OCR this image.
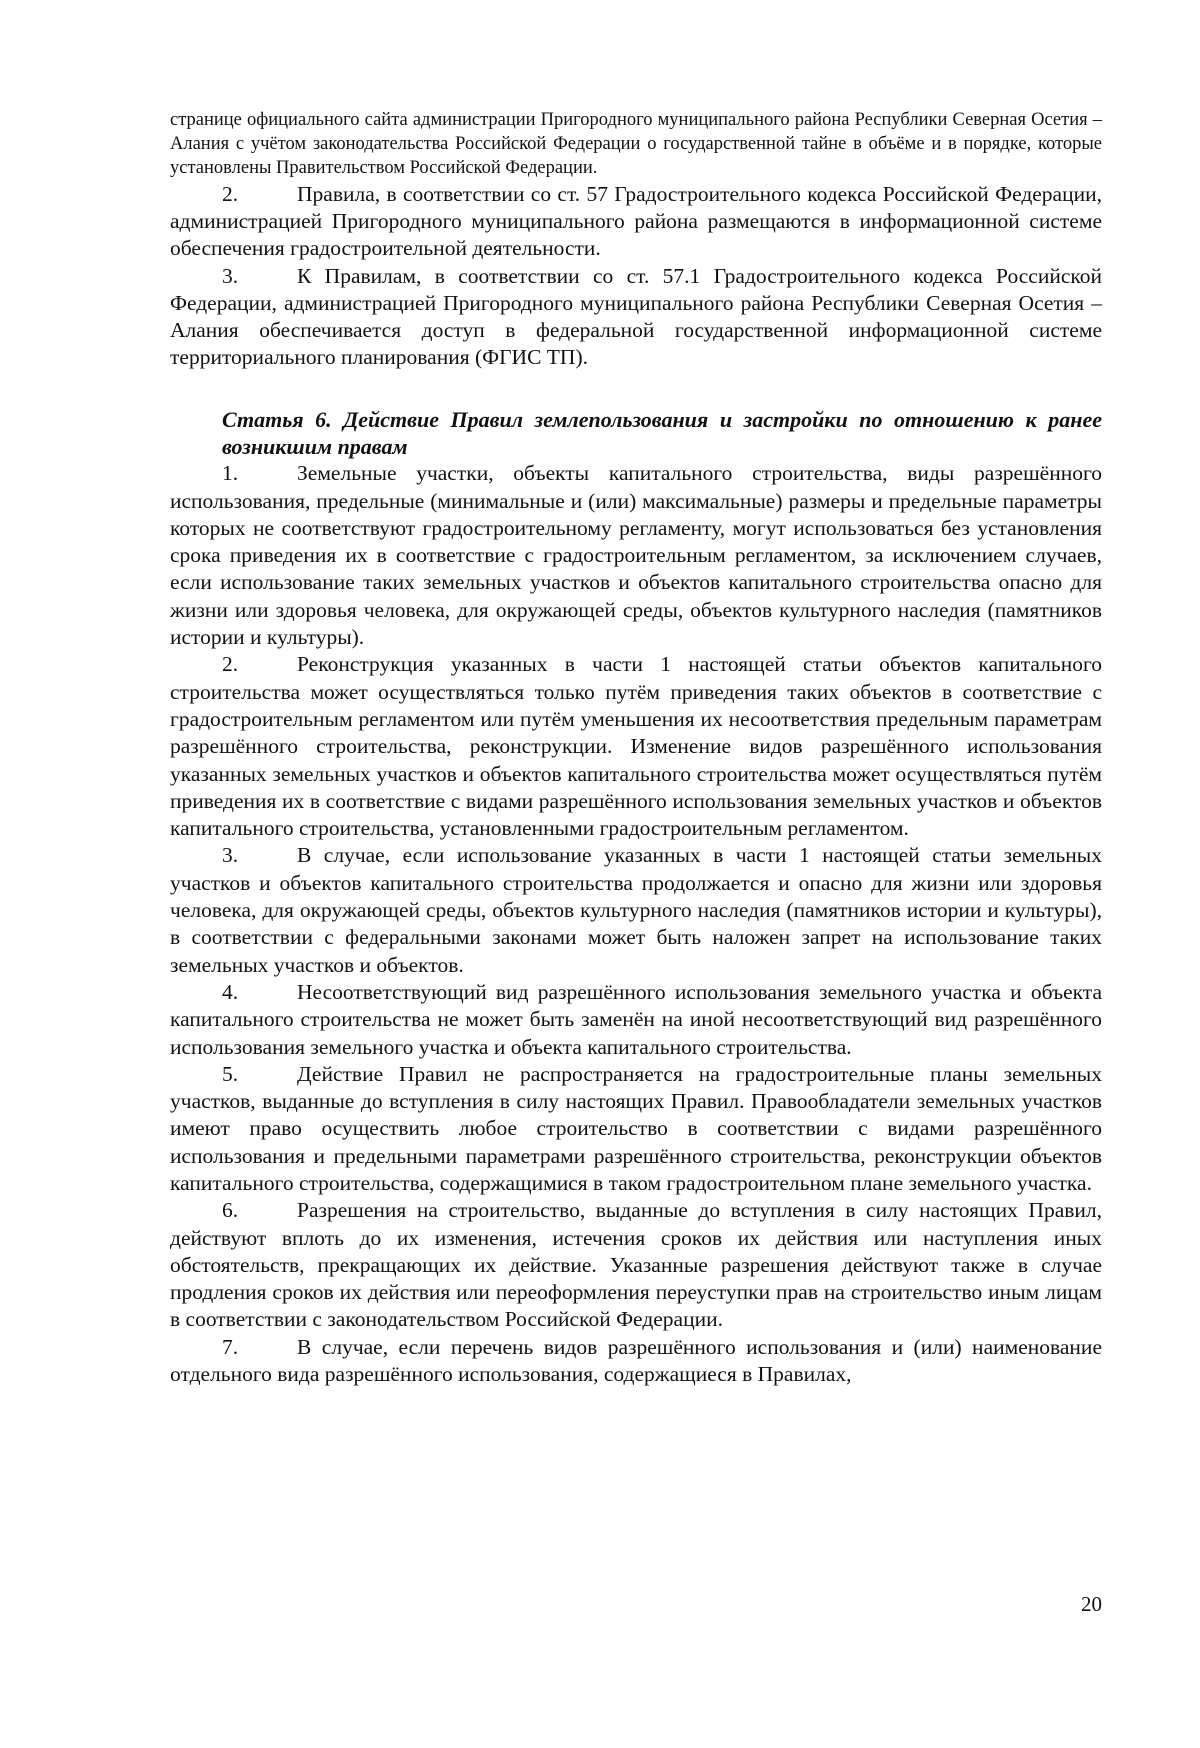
странице официального сайта администрации Пригородного муниципального района Республики Северная Осетия – Алания с учётом законодательства Российской Федерации о государственной тайне в объёме и в порядке, которые установлены Правительством Российской Федерации.

2.	Правила, в соответствии со ст. 57 Градостроительного кодекса Российской Федерации, администрацией Пригородного муниципального района размещаются в информационной системе обеспечения градостроительной деятельности.

3.	К Правилам, в соответствии со ст. 57.1 Градостроительного кодекса Российской Федерации, администрацией Пригородного муниципального района Республики Северная Осетия – Алания обеспечивается доступ в федеральной государственной информационной системе территориального планирования (ФГИС ТП).

Статья 6. Действие Правил землепользования и застройки по отношению к ранее возникшим правам

1.	Земельные участки, объекты капитального строительства, виды разрешённого использования, предельные (минимальные и (или) максимальные) размеры и предельные параметры которых не соответствуют градостроительному регламенту, могут использоваться без установления срока приведения их в соответствие с градостроительным регламентом, за исключением случаев, если использование таких земельных участков и объектов капитального строительства опасно для жизни или здоровья человека, для окружающей среды, объектов культурного наследия (памятников истории и культуры).

2.	Реконструкция указанных в части 1 настоящей статьи объектов капитального строительства может осуществляться только путём приведения таких объектов в соответствие с градостроительным регламентом или путём уменьшения их несоответствия предельным параметрам разрешённого строительства, реконструкции. Изменение видов разрешённого использования указанных земельных участков и объектов капитального строительства может осуществляться путём приведения их в соответствие с видами разрешённого использования земельных участков и объектов капитального строительства, установленными градостроительным регламентом.

3.	В случае, если использование указанных в части 1 настоящей статьи земельных участков и объектов капитального строительства продолжается и опасно для жизни или здоровья человека, для окружающей среды, объектов культурного наследия (памятников истории и культуры), в соответствии с федеральными законами может быть наложен запрет на использование таких земельных участков и объектов.

4.	Несоответствующий вид разрешённого использования земельного участка и объекта капитального строительства не может быть заменён на иной несоответствующий вид разрешённого использования земельного участка и объекта капитального строительства.

5.	Действие Правил не распространяется на градостроительные планы земельных участков, выданные до вступления в силу настоящих Правил. Правообладатели земельных участков имеют право осуществить любое строительство в соответствии с видами разрешённого использования и предельными параметрами разрешённого строительства, реконструкции объектов капитального строительства, содержащимися в таком градостроительном плане земельного участка.

6.	Разрешения на строительство, выданные до вступления в силу настоящих Правил, действуют вплоть до их изменения, истечения сроков их действия или наступления иных обстоятельств, прекращающих их действие. Указанные разрешения действуют также в случае продления сроков их действия или переоформления переуступки прав на строительство иным лицам в соответствии с законодательством Российской Федерации.

7.	В случае, если перечень видов разрешённого использования и (или) наименование отдельного вида разрешённого использования, содержащиеся в Правилах,

20
